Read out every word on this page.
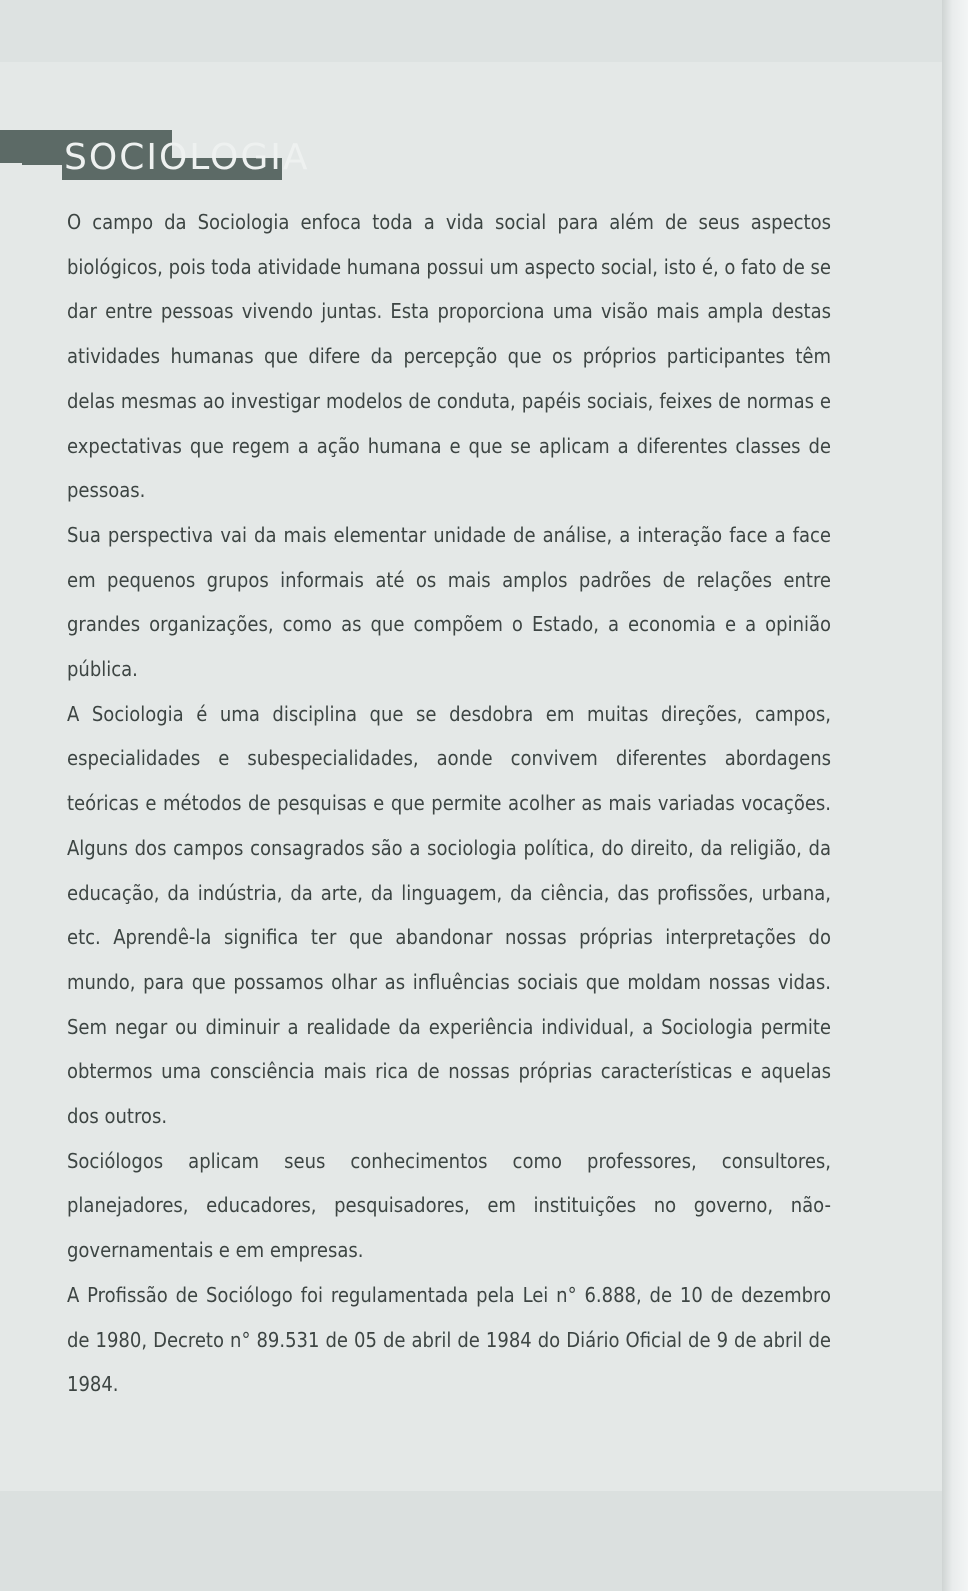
SOCIOLOGIA

O campo da Sociologia enfoca toda a vida social para além de seus aspectos biológicos, pois toda atividade humana possui um aspecto social, isto é, o fato de se dar entre pessoas vivendo juntas. Esta proporciona uma visão mais ampla destas atividades humanas que difere da percepção que os próprios participantes têm delas mesmas ao investigar modelos de conduta, papéis sociais, feixes de normas e expectativas que regem a ação humana e que se aplicam a diferentes classes de pessoas.

Sua perspectiva vai da mais elementar unidade de análise, a interação face a face em pequenos grupos informais até os mais amplos padrões de relações entre grandes organizações, como as que compõem o Estado, a economia e a opinião pública.

A Sociologia é uma disciplina que se desdobra em muitas direções, campos, especialidades e subespecialidades, aonde convivem diferentes abordagens teóricas e métodos de pesquisas e que permite acolher as mais variadas vocações. Alguns dos campos consagrados são a sociologia política, do direito, da religião, da educação, da indústria, da arte, da linguagem, da ciência, das profissões, urbana, etc. Aprendê-la significa ter que abandonar nossas próprias interpretações do mundo, para que possamos olhar as influências sociais que moldam nossas vidas. Sem negar ou diminuir a realidade da experiência individual, a Sociologia permite obtermos uma consciência mais rica de nossas próprias características e aquelas dos outros.

Sociólogos aplicam seus conhecimentos como professores, consultores, planejadores, educadores, pesquisadores, em instituições no governo, não-governamentais e em empresas.

A Profissão de Sociólogo foi regulamentada pela Lei n° 6.888, de 10 de dezembro de 1980, Decreto n° 89.531 de 05 de abril de 1984 do Diário Oficial de 9 de abril de 1984.
